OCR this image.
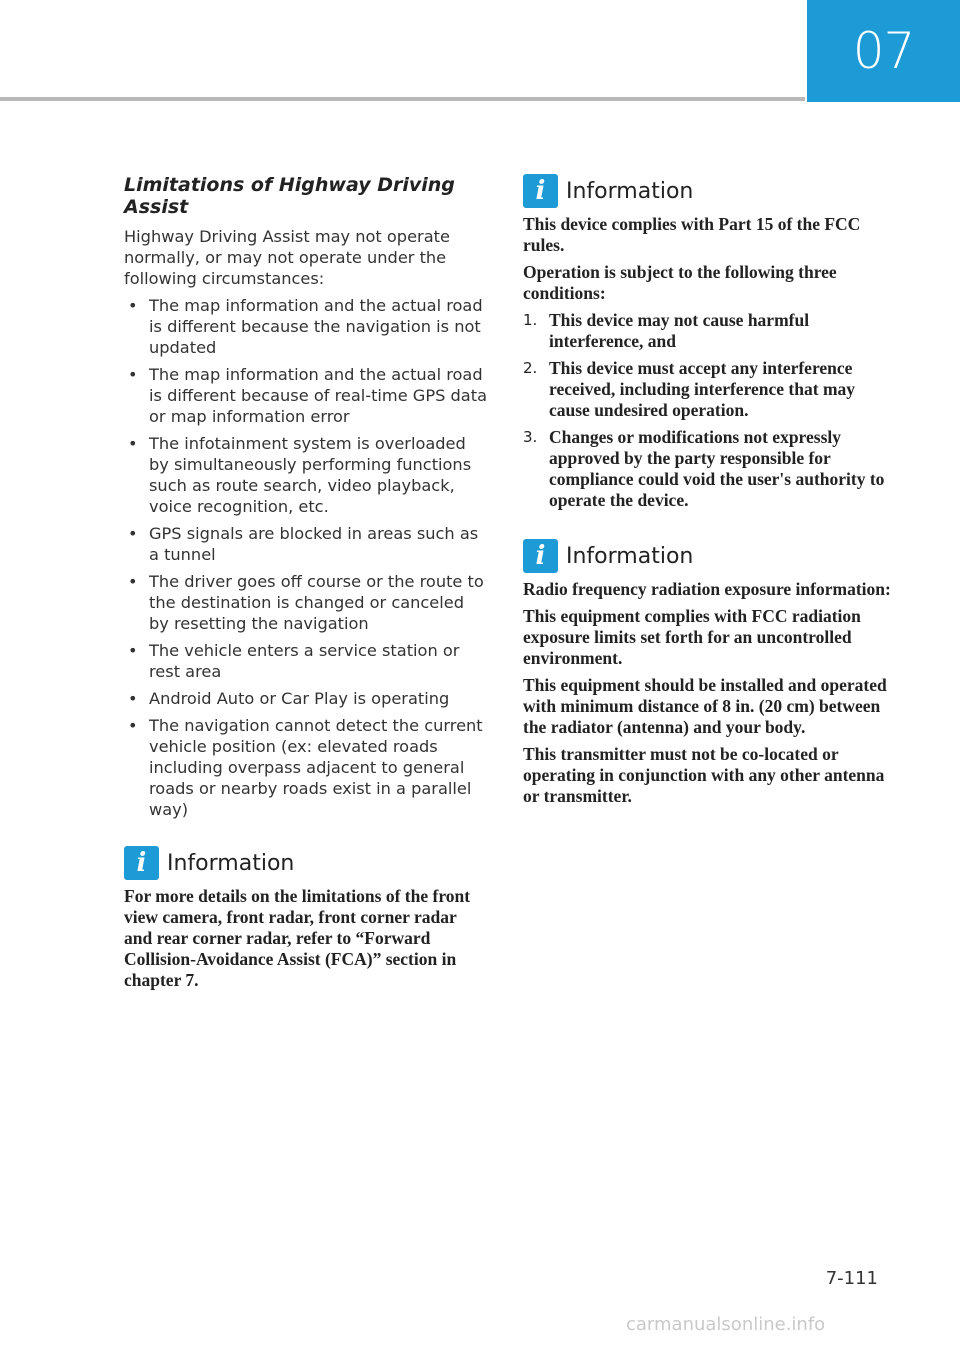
07
Limitations of Highway Driving Assist

Highway Driving Assist may not operate normally, or may not operate under the following circumstances:

• The map information and the actual road is different because the navigation is not updated
• The map information and the actual road is different because of real-time GPS data or map information error
• The infotainment system is overloaded by simultaneously performing functions such as route search, video playback, voice recognition, etc.
• GPS signals are blocked in areas such as a tunnel
• The driver goes off course or the route to the destination is changed or canceled by resetting the navigation
• The vehicle enters a service station or rest area
• Android Auto or Car Play is operating
• The navigation cannot detect the current vehicle position (ex: elevated roads including overpass adjacent to general roads or nearby roads exist in a parallel way)
i Information

For more details on the limitations of the front view camera, front radar, front corner radar and rear corner radar, refer to “Forward Collision-Avoidance Assist (FCA)” section in chapter 7.

i Information

This device complies with Part 15 of the FCC rules.

Operation is subject to the following three conditions:

1. This device may not cause harmful interference, and
2. This device must accept any interference received, including interference that may cause undesired operation.
3. Changes or modifications not expressly approved by the party responsible for compliance could void the user's authority to operate the device.
i Information

Radio frequency radiation exposure information:

This equipment complies with FCC radiation exposure limits set forth for an uncontrolled environment.

This equipment should be installed and operated with minimum distance of 8 in. (20 cm) between the radiator (antenna) and your body.

This transmitter must not be co-located or operating in conjunction with any other antenna or transmitter.

7-111
carmanualsonline.info
